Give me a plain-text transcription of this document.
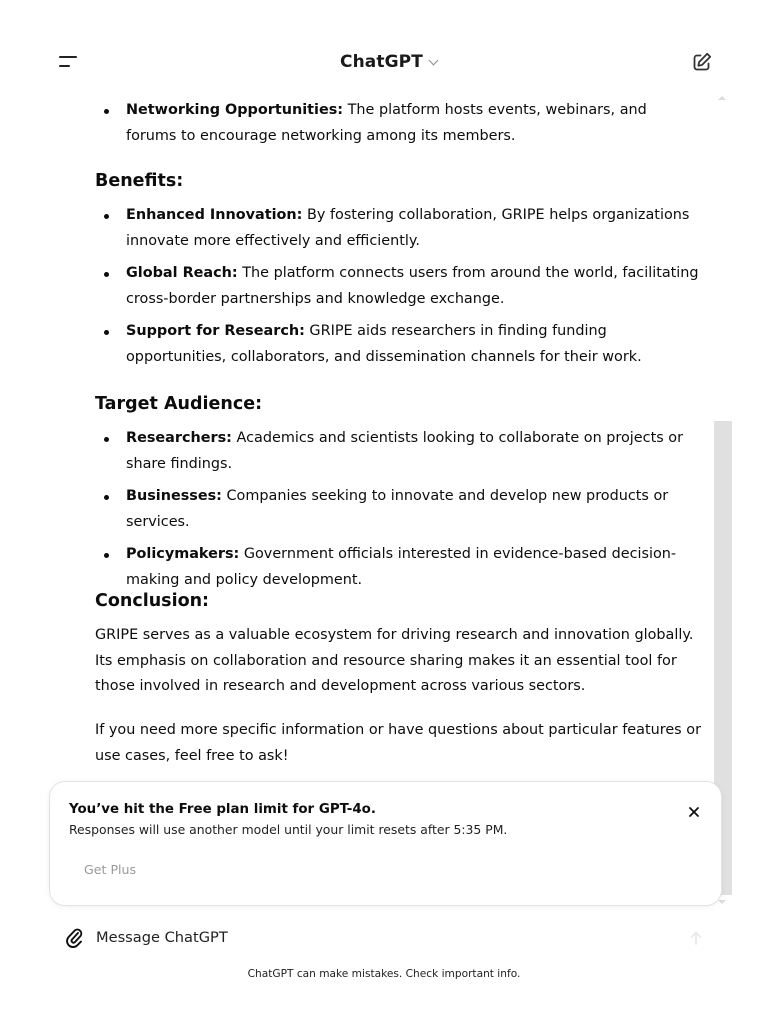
ChatGPT
Networking Opportunities: The platform hosts events, webinars, and forums to encourage networking among its members.
Benefits:
Enhanced Innovation: By fostering collaboration, GRIPE helps organizations innovate more effectively and efficiently.
Global Reach: The platform connects users from around the world, facilitating cross-border partnerships and knowledge exchange.
Support for Research: GRIPE aids researchers in finding funding opportunities, collaborators, and dissemination channels for their work.
Target Audience:
Researchers: Academics and scientists looking to collaborate on projects or share findings.
Businesses: Companies seeking to innovate and develop new products or services.
Policymakers: Government officials interested in evidence-based decision-making and policy development.
Conclusion:

GRIPE serves as a valuable ecosystem for driving research and innovation globally. Its emphasis on collaboration and resource sharing makes it an essential tool for those involved in research and development across various sectors.

If you need more specific information or have questions about particular features or use cases, feel free to ask!

You’ve hit the Free plan limit for GPT-4o.
Responses will use another model until your limit resets after 5:35 PM.
Get Plus
Message ChatGPT
ChatGPT can make mistakes. Check important info.
